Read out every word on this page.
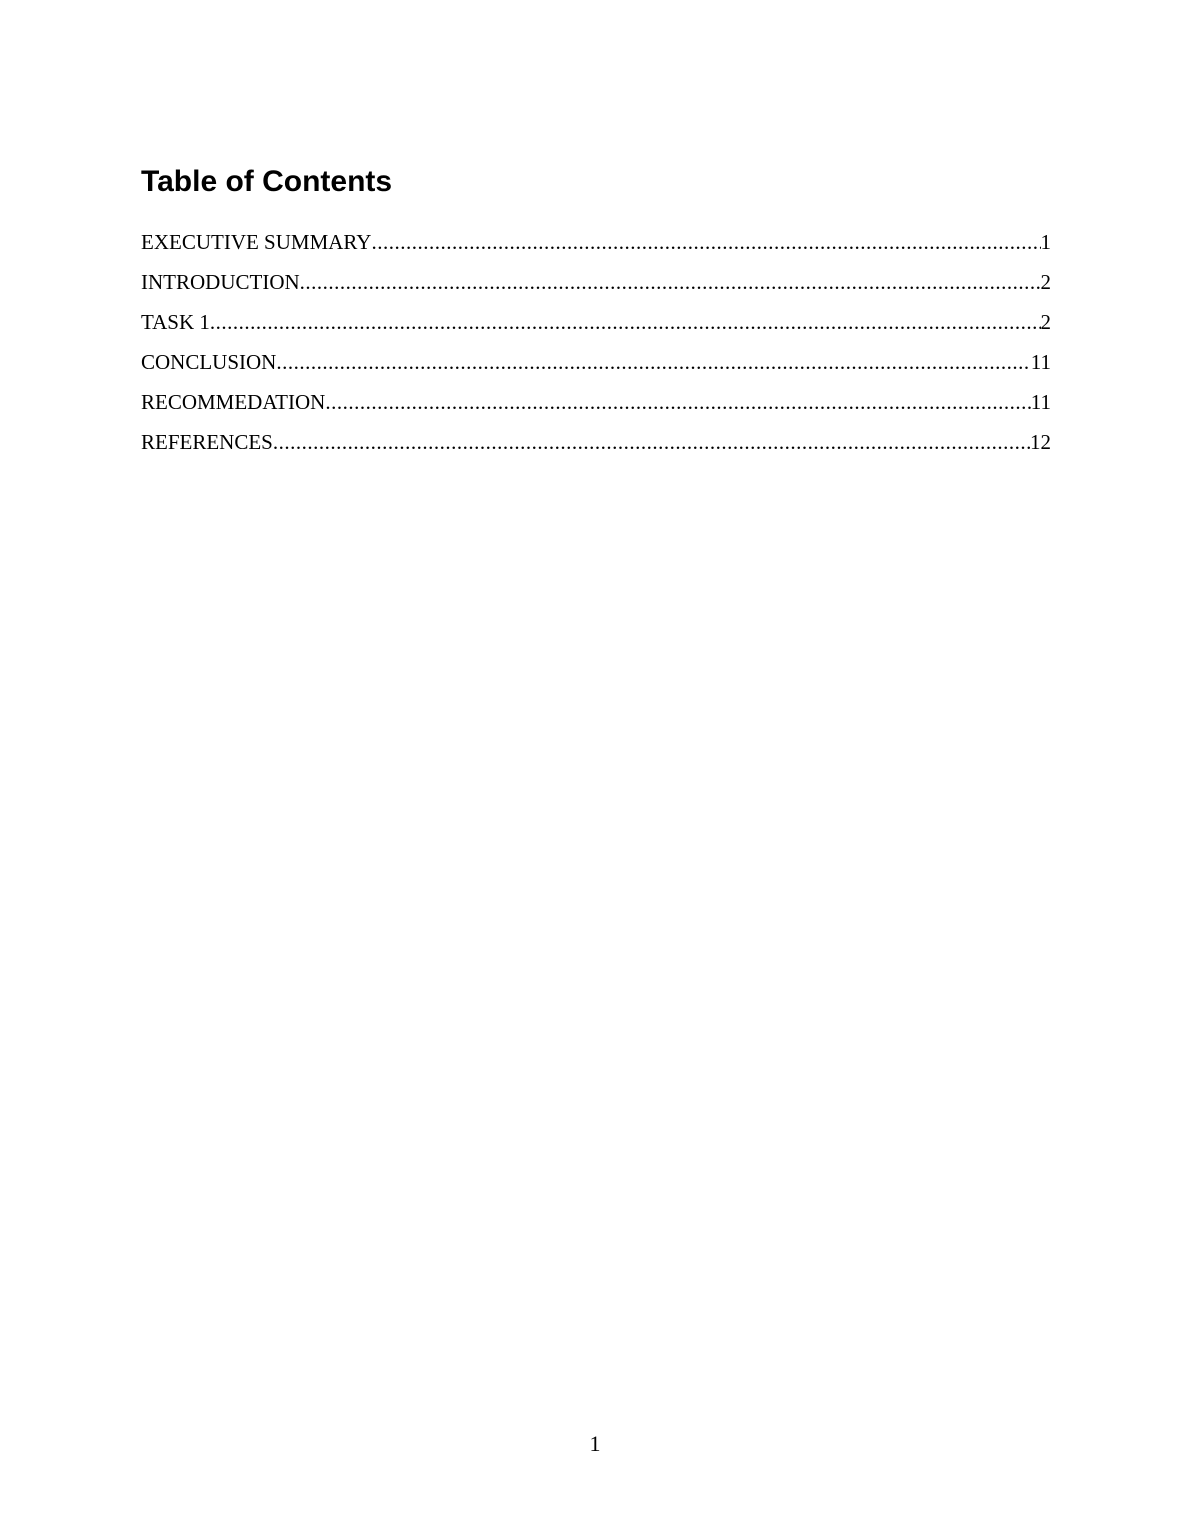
Table of Contents
EXECUTIVE SUMMARY .....	1
INTRODUCTION .....	2
TASK 1 .....	2
CONCLUSION .....	11
RECOMMEDATION .....	11
REFERENCES .....	12
1
